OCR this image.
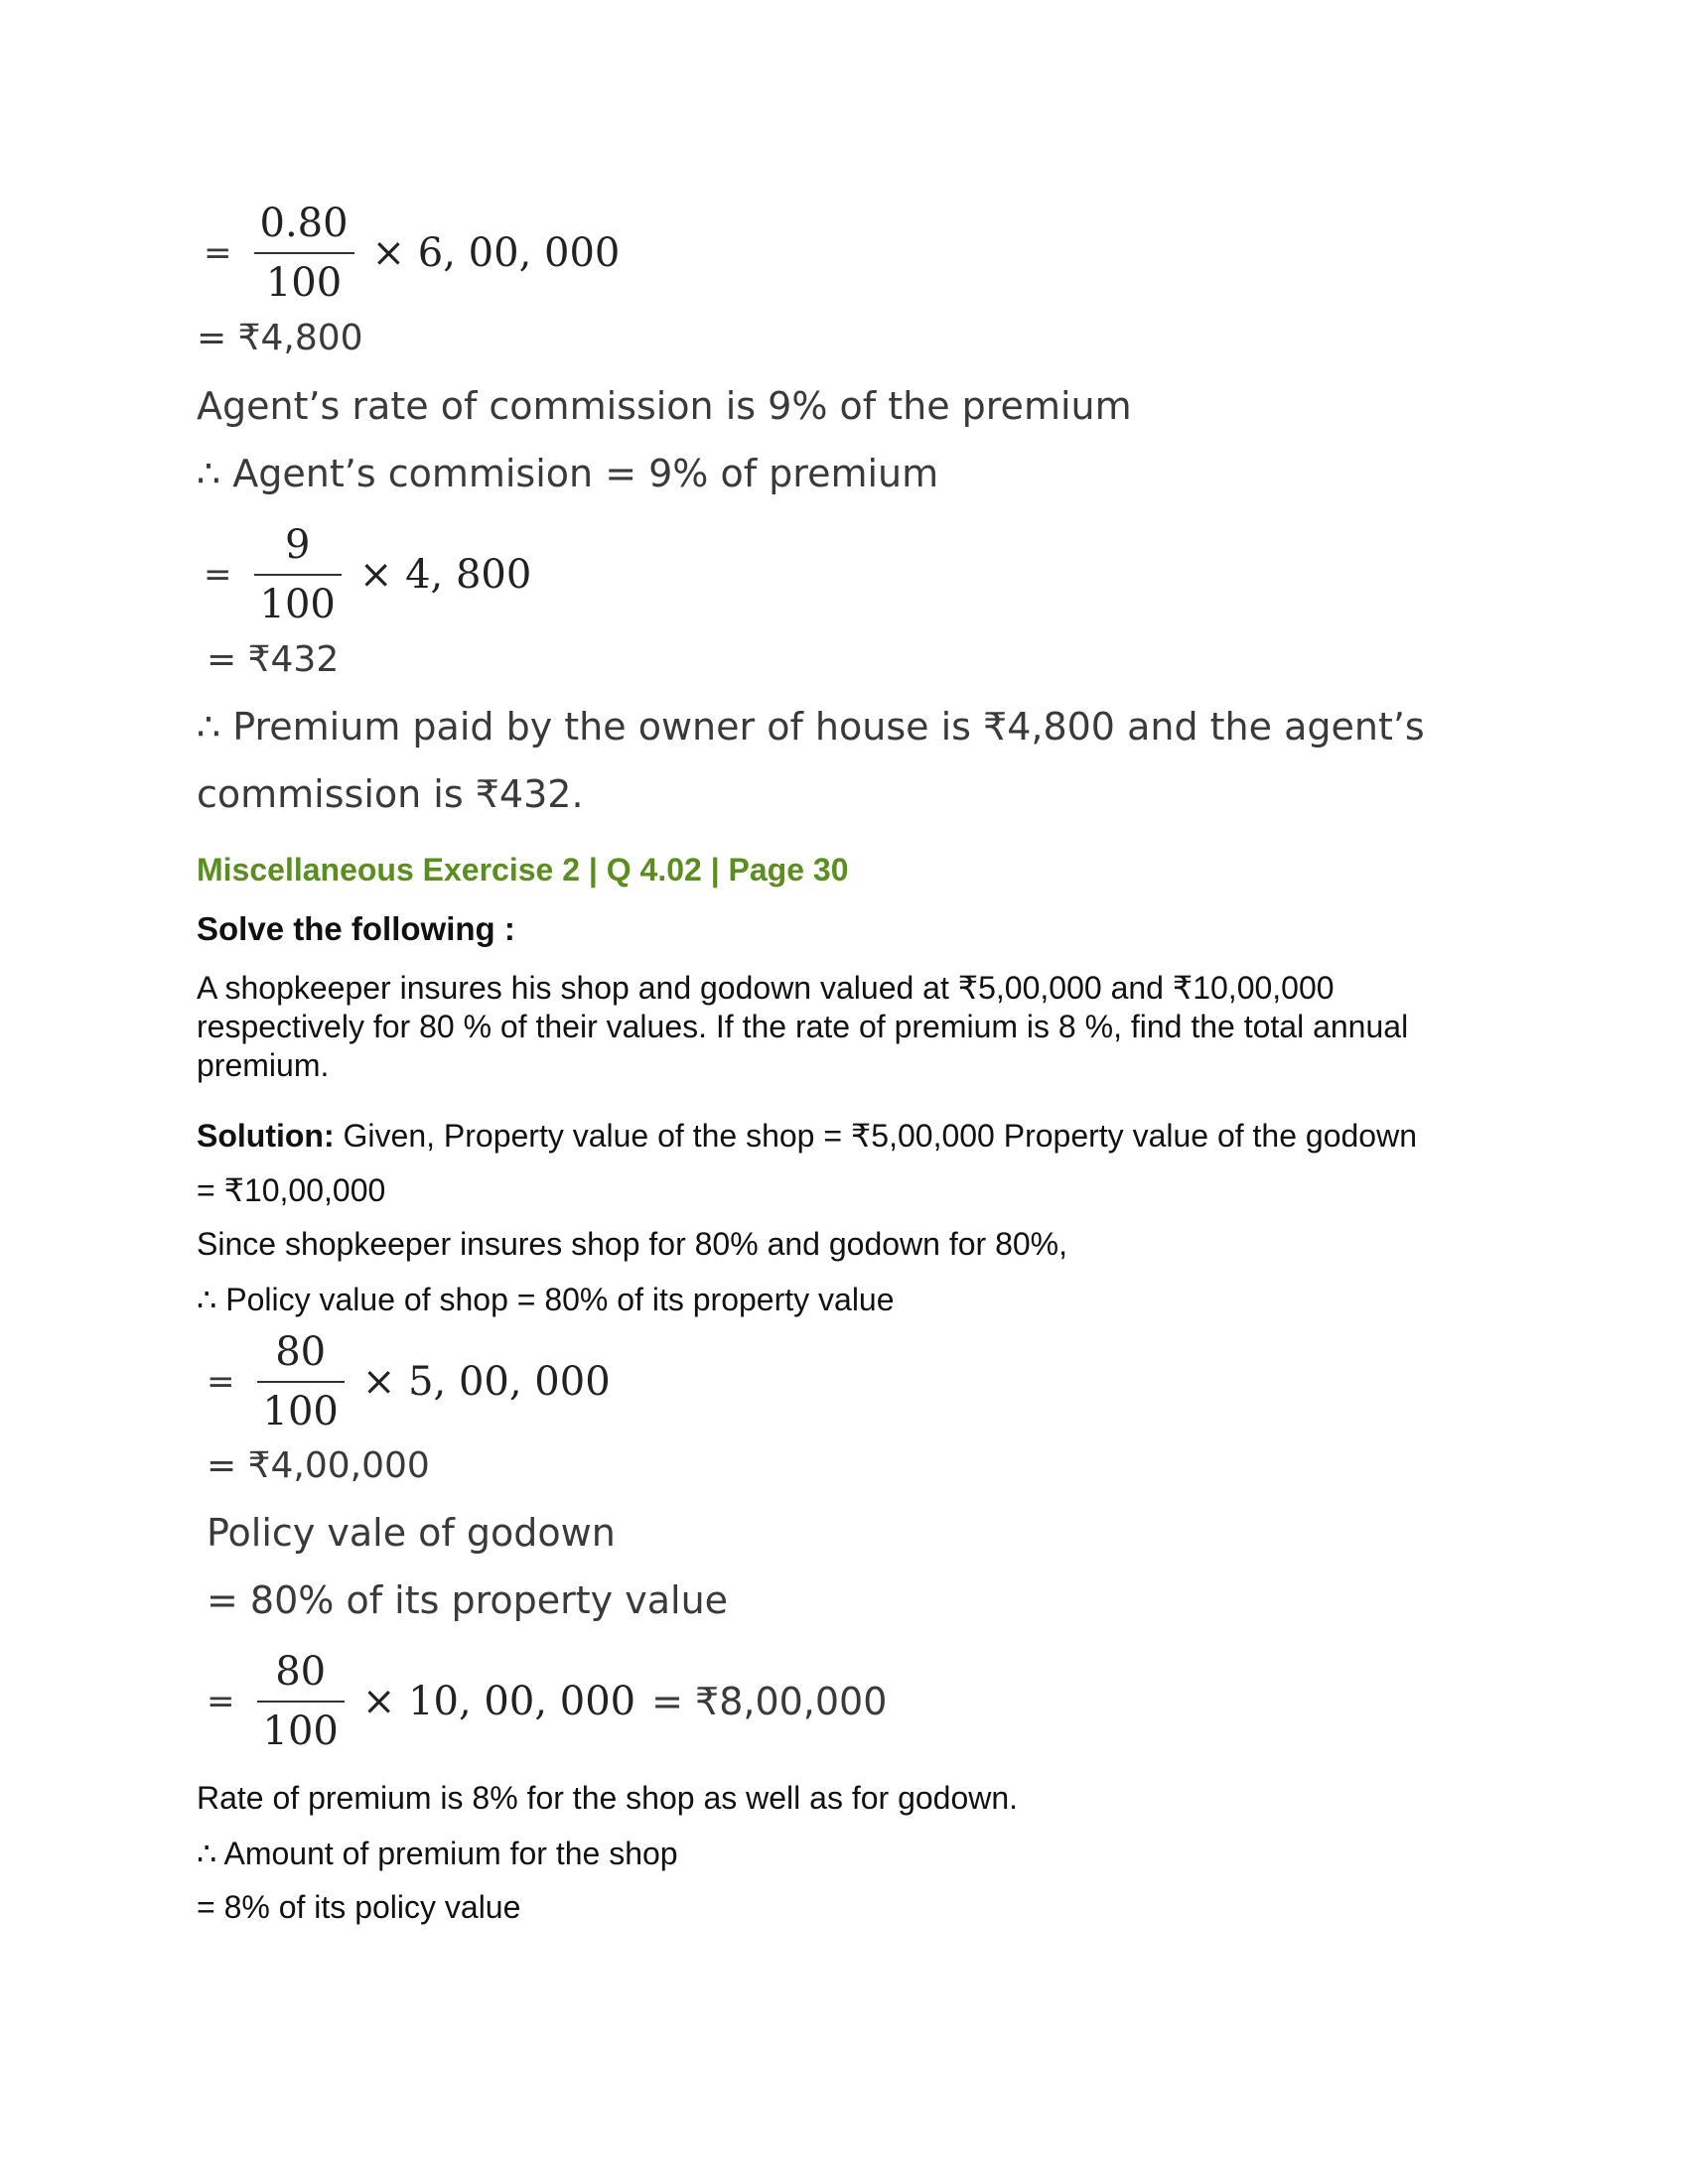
= $\frac{0.80}{100} \times 6$, 00, 000
= ₹4,800
Agent’s rate of commission is 9% of the premium
∴ Agent’s commision = 9% of premium
= $\frac{9}{100} \times 4$, 800
= ₹432
∴ Premium paid by the owner of house is ₹4,800 and the agent’s
commission is ₹432.
Miscellaneous Exercise 2 | Q 4.02 | Page 30
Solve the following :
A shopkeeper insures his shop and godown valued at ₹5,00,000 and ₹10,00,000 respectively for 80 % of their values. If the rate of premium is 8 %, find the total annual premium.
Solution: Given, Property value of the shop = ₹5,00,000 Property value of the godown
= ₹10,00,000
Since shopkeeper insures shop for 80% and godown for 80%,
∴ Policy value of shop = 80% of its property value
= $\frac{80}{100} \times 5$, 00, 000
= ₹4,00,000
Policy vale of godown
= 80% of its property value
= $\frac{80}{100} \times 10$, 00, 000 = ₹8,00,000
Rate of premium is 8% for the shop as well as for godown.
∴ Amount of premium for the shop
= 8% of its policy value
